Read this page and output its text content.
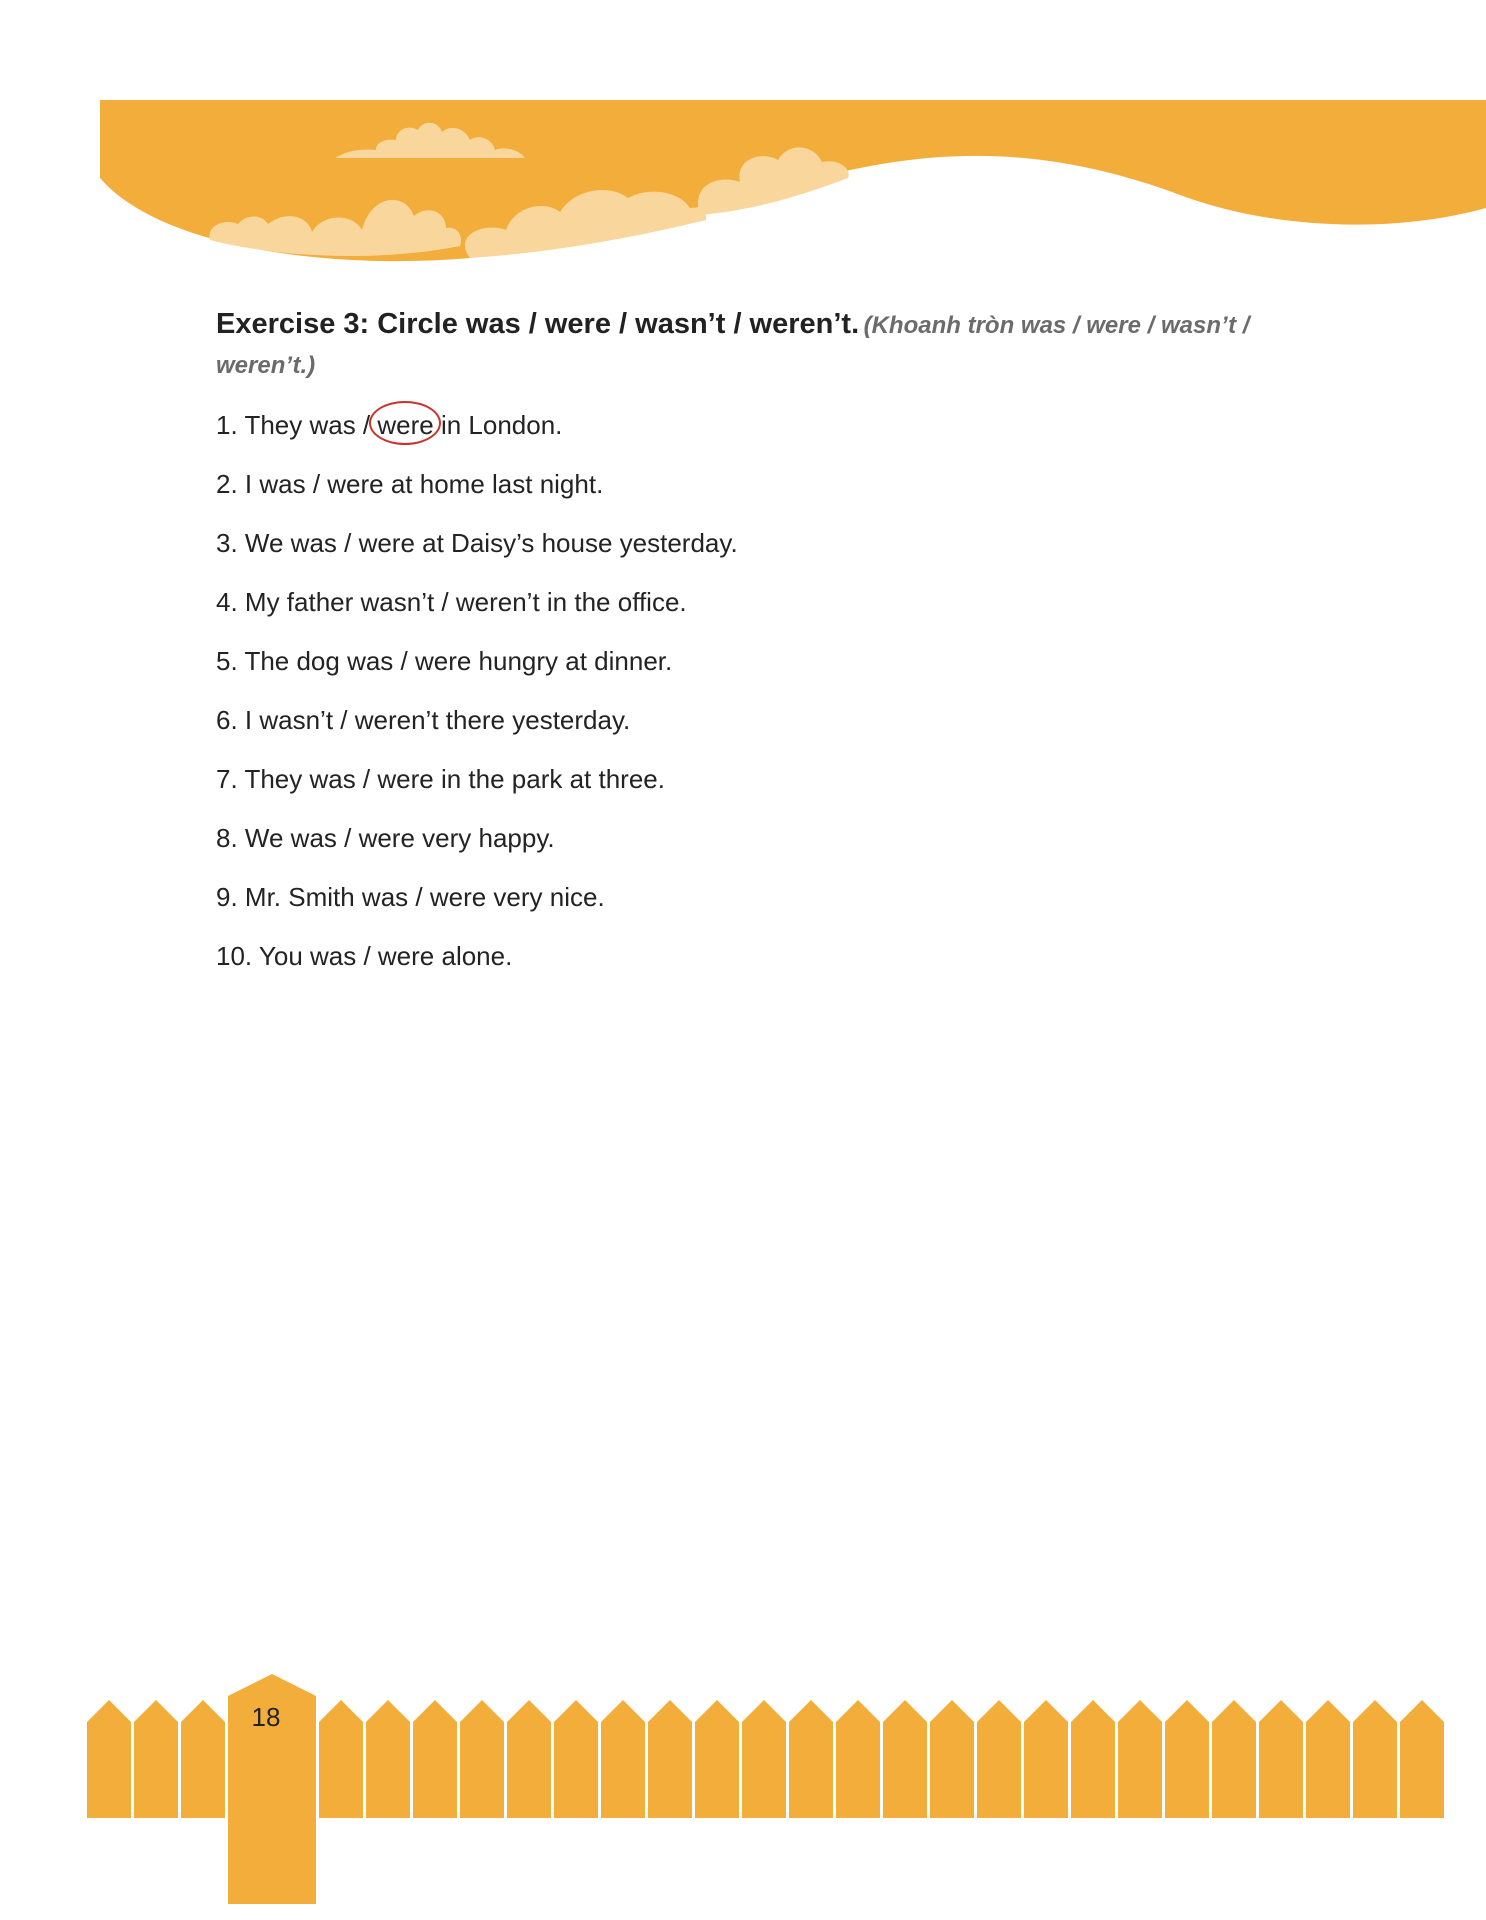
Exercise 3: Circle was / were / wasn’t / weren’t. (Khoanh tròn was / were / wasn’t / weren’t.)

1. They was / were
in London.
2. I was / were at home last night.
3. We was / were at Daisy’s house yesterday.
4. My father wasn’t / weren’t in the office.
5. The dog was / were hungry at dinner.
6. I wasn’t / weren’t there yesterday.
7. They was / were in the park at three.
8. We was / were very happy.
9. Mr. Smith was / were very nice.
10. You was / were alone.
18
